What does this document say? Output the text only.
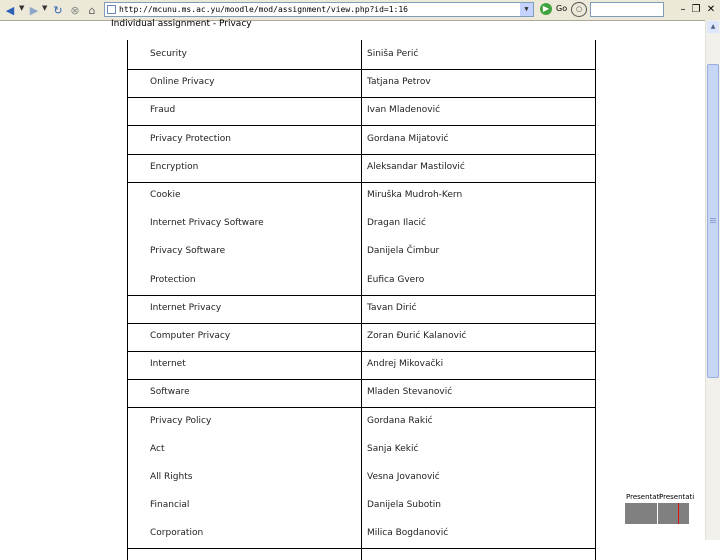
◀ ▼ ▶ ▼ ↻ ⊗ ⌂	http://mcunu.ms.ac.yu/moodle/mod/assignment/view.php?id=1:16	▼	▶ Go	○	– ❐ ✕
Individual assignment - Privacy
Security	Siniša Perić
Online Privacy	Tatjana Petrov
Fraud	Ivan Mladenović
Privacy Protection	Gordana Mijatović
Encryption	Aleksandar Mastilović
Cookie	Miruška Mudroh-Kern
Internet Privacy Software	Dragan Ilacić
Privacy Software	Danijela Čimbur
Protection	Eufica Gvero
Internet Privacy	Tavan Dirić
Computer Privacy	Zoran Đurić Kalanović
Internet	Andrej Mikovački
Software	Mladen Stevanović
Privacy Policy	Gordana Rakić
Act	Sanja Kekić
All Rights	Vesna Jovanović
Financial	Danijela Subotin
Corporation	Milica Bogdanović
▲
Presentati
Presentati
